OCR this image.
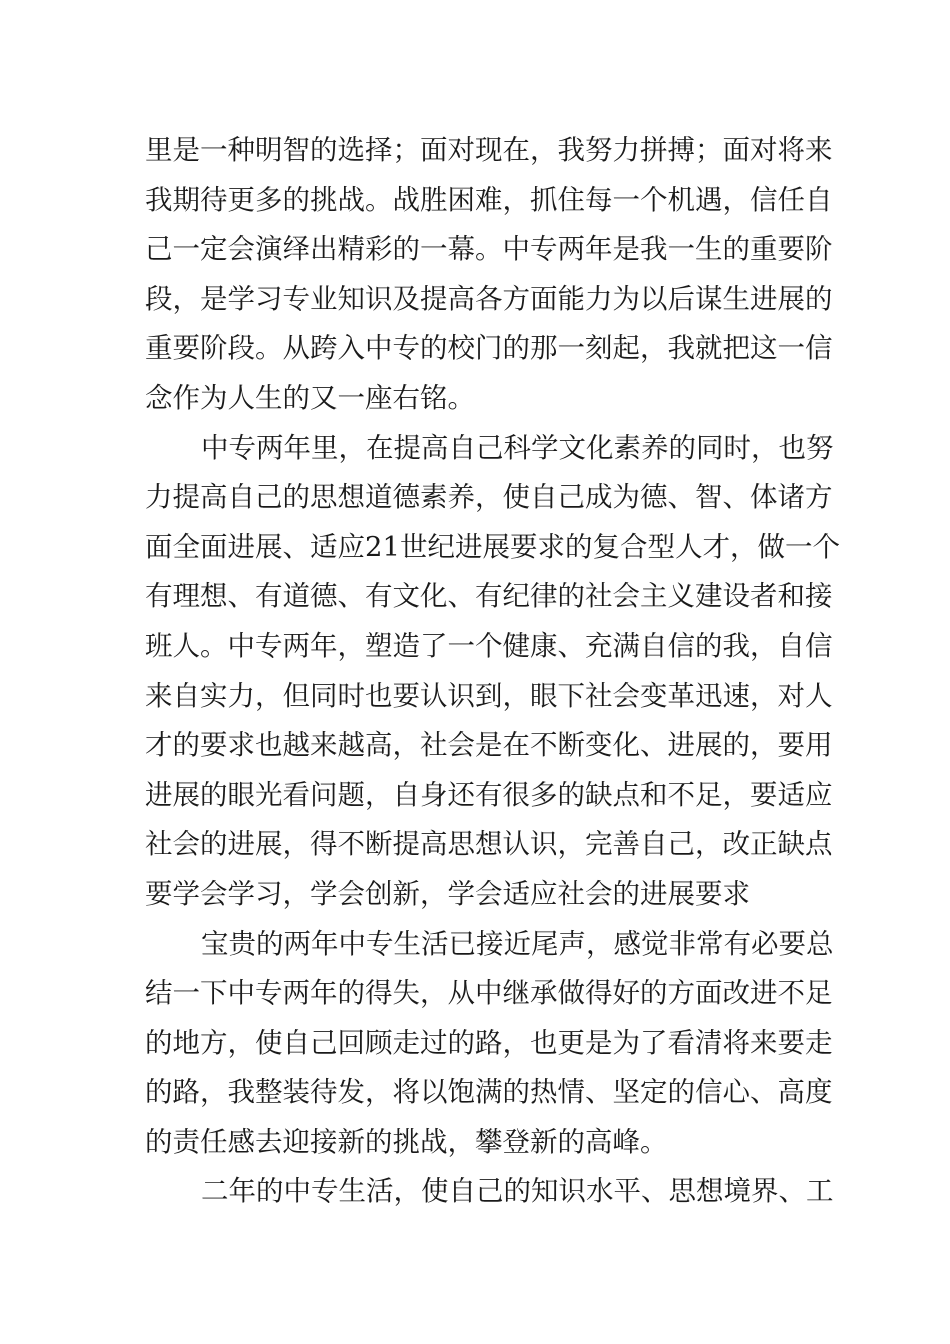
里是一种明智的选择；面对现在，我努力拼搏；面对将来
我期待更多的挑战。战胜困难，抓住每一个机遇，信任自
己一定会演绎出精彩的一幕。中专两年是我一生的重要阶
段，是学习专业知识及提高各方面能力为以后谋生进展的
重要阶段。从跨入中专的校门的那一刻起，我就把这一信
念作为人生的又一座右铭。
中专两年里，在提高自己科学文化素养的同时，也努
力提高自己的思想道德素养，使自己成为德、智、体诸方
面全面进展、适应21世纪进展要求的复合型人才，做一个
有理想、有道德、有文化、有纪律的社会主义建设者和接
班人。中专两年，塑造了一个健康、充满自信的我，自信
来自实力，但同时也要认识到，眼下社会变革迅速，对人
才的要求也越来越高，社会是在不断变化、进展的，要用
进展的眼光看问题，自身还有很多的缺点和不足，要适应
社会的进展，得不断提高思想认识，完善自己，改正缺点
要学会学习，学会创新，学会适应社会的进展要求
宝贵的两年中专生活已接近尾声，感觉非常有必要总
结一下中专两年的得失，从中继承做得好的方面改进不足
的地方，使自己回顾走过的路，也更是为了看清将来要走
的路，我整装待发，将以饱满的热情、坚定的信心、高度
的责任感去迎接新的挑战，攀登新的高峰。
二年的中专生活，使自己的知识水平、思想境界、工
